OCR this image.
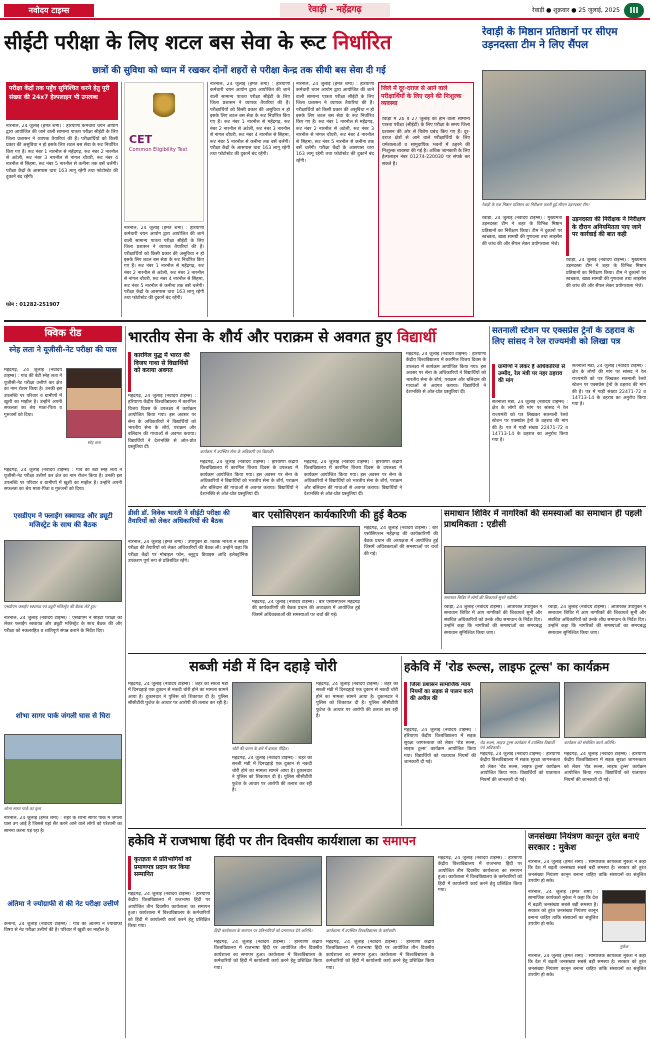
नवोदय टाइम्स	रेवाड़ी - महेंद्रगढ़	रेवाड़ी ● शुक्रवार ● 25 जुलाई, 2025	III
सीईटी परीक्षा के लिए शटल बस सेवा के रूट निर्धारित
छात्रों की सुविधा को ध्यान में रखकर दोनों शहरों से परीक्षा केन्द्र तक सीधी बस सेवा दी गई
परीक्षा केंद्रों तक पहुँच सुनिश्चित करने हेतु पूरी संख्या की 24x7 हेल्पलाइन भी उपलब्ध
नारनौल, 24 जुलाई (हेमंत शर्मा) : हरियाणा कर्मचारी चयन आयोग द्वारा आयोजित की जाने वाली सामान्य पात्रता परीक्षा सीईटी के लिए जिला प्रशासन ने व्यापक तैयारियां की हैं। परीक्षार्थियों को किसी प्रकार की असुविधा न हो इसके लिए शटल बस सेवा के रूट निर्धारित किए गए हैं। रूट नंबर 1 नारनौल से महेंद्रगढ़, रूट नंबर 2 नारनौल से अटेली, रूट नंबर 3 नारनौल से नांगल चौधरी, रूट नंबर 4 नारनौल से सिहमा, रूट नंबर 5 नारनौल से कनीना तक बसें चलेंगी। परीक्षा केंद्रों के आसपास धारा 163 लागू रहेगी तथा फोटोस्टेट की दुकानें बंद रहेंगी।
CET
Common Eligibility Test
नारनौल, 24 जुलाई (हेमंत शर्मा) : हरियाणा कर्मचारी चयन आयोग द्वारा आयोजित की जाने वाली सामान्य पात्रता परीक्षा सीईटी के लिए जिला प्रशासन ने व्यापक तैयारियां की हैं। परीक्षार्थियों को किसी प्रकार की असुविधा न हो इसके लिए शटल बस सेवा के रूट निर्धारित किए गए हैं। रूट नंबर 1 नारनौल से महेंद्रगढ़, रूट नंबर 2 नारनौल से अटेली, रूट नंबर 3 नारनौल से नांगल चौधरी, रूट नंबर 4 नारनौल से सिहमा, रूट नंबर 5 नारनौल से कनीना तक बसें चलेंगी। परीक्षा केंद्रों के आसपास धारा 163 लागू रहेगी तथा फोटोस्टेट की दुकानें बंद रहेंगी।
नारनौल, 24 जुलाई (हेमंत शर्मा) : हरियाणा कर्मचारी चयन आयोग द्वारा आयोजित की जाने वाली सामान्य पात्रता परीक्षा सीईटी के लिए जिला प्रशासन ने व्यापक तैयारियां की हैं। परीक्षार्थियों को किसी प्रकार की असुविधा न हो इसके लिए शटल बस सेवा के रूट निर्धारित किए गए हैं। रूट नंबर 1 नारनौल से महेंद्रगढ़, रूट नंबर 2 नारनौल से अटेली, रूट नंबर 3 नारनौल से नांगल चौधरी, रूट नंबर 4 नारनौल से सिहमा, रूट नंबर 5 नारनौल से कनीना तक बसें चलेंगी। परीक्षा केंद्रों के आसपास धारा 163 लागू रहेगी तथा फोटोस्टेट की दुकानें बंद रहेंगी।
नारनौल, 24 जुलाई (हेमंत शर्मा) : हरियाणा कर्मचारी चयन आयोग द्वारा आयोजित की जाने वाली सामान्य पात्रता परीक्षा सीईटी के लिए जिला प्रशासन ने व्यापक तैयारियां की हैं। परीक्षार्थियों को किसी प्रकार की असुविधा न हो इसके लिए शटल बस सेवा के रूट निर्धारित किए गए हैं। रूट नंबर 1 नारनौल से महेंद्रगढ़, रूट नंबर 2 नारनौल से अटेली, रूट नंबर 3 नारनौल से नांगल चौधरी, रूट नंबर 4 नारनौल से सिहमा, रूट नंबर 5 नारनौल से कनीना तक बसें चलेंगी। परीक्षा केंद्रों के आसपास धारा 163 लागू रहेगी तथा फोटोस्टेट की दुकानें बंद रहेंगी।
फोन : 01282-251907
जिले में दूर-दराज से आने वाले परीक्षार्थियों के लिए रहने की निःशुल्क व्यवस्था
रेवाड़ी में 26 व 27 जुलाई को होने वाली सामान्य पात्रता परीक्षा (सीईटी) के लिए परीक्षा के समय जिला प्रशासन की ओर से विशेष प्रबंध किए गए हैं। दूर-दराज क्षेत्रों से आने वाले परीक्षार्थियों के लिए धर्मशालाओं व सामुदायिक भवनों में ठहरने की निःशुल्क व्यवस्था की गई है। अधिक जानकारी के लिए हेल्पलाइन नंबर 01274-220030 पर संपर्क कर सकते हैं।
रेवाड़ी के मिष्ठान प्रतिष्ठानों पर सीएम उड़नदस्ता टीम ने लिए सैंपल
रेवाड़ी के एक मिष्ठान प्रतिष्ठान का निरीक्षण करती हुई सीएम उड़नदस्ता टीम।
रेवाड़ी, 24 जुलाई (नवोदय टाइम्स) : मुख्यमंत्री उड़नदस्ता टीम ने शहर के विभिन्न मिष्ठान प्रतिष्ठानों का निरीक्षण किया। टीम ने दुकानों पर स्वच्छता, खाद्य सामग्री की गुणवत्ता तथा लाइसेंस की जांच की और सैंपल लेकर प्रयोगशाला भेजे।
उड़नदस्ता की निरीक्षक ने निरीक्षण के दौरान अनियमितता पाए जाने पर कार्रवाई की बात कही
रेवाड़ी, 24 जुलाई (नवोदय टाइम्स) : मुख्यमंत्री उड़नदस्ता टीम ने शहर के विभिन्न मिष्ठान प्रतिष्ठानों का निरीक्षण किया। टीम ने दुकानों पर स्वच्छता, खाद्य सामग्री की गुणवत्ता तथा लाइसेंस की जांच की और सैंपल लेकर प्रयोगशाला भेजे।
क्विक रीड
स्नेह लता ने यूजीसी-नेट परीक्षा की पास
महेंद्रगढ़, 24 जुलाई (नवोदय टाइम्स) : गांव की बेटी स्नेह लता ने यूजीसी-नेट परीक्षा उत्तीर्ण कर क्षेत्र का नाम रोशन किया है। उनकी इस उपलब्धि पर परिवार व ग्रामीणों में खुशी का माहौल है। उन्होंने अपनी सफलता का श्रेय माता-पिता व गुरुजनों को दिया।
स्नेह लता
महेंद्रगढ़, 24 जुलाई (नवोदय टाइम्स) : गांव की बेटी स्नेह लता ने यूजीसी-नेट परीक्षा उत्तीर्ण कर क्षेत्र का नाम रोशन किया है। उनकी इस उपलब्धि पर परिवार व ग्रामीणों में खुशी का माहौल है। उन्होंने अपनी सफलता का श्रेय माता-पिता व गुरुजनों को दिया।
एसडीएम ने फ्लाईंग स्क्वायड और ड्यूटी मजिस्ट्रेट के साथ की बैठक
एसडीएम फ्लाईंग स्क्वायड एवं ड्यूटी मजिस्ट्रेट की बैठक लेते हुए।
नारनौल, 24 जुलाई (नवोदय टाइम्स) : एसडीएम ने सीईटी परीक्षा को लेकर फ्लाईंग स्क्वायड और ड्यूटी मजिस्ट्रेट के साथ बैठक की और परीक्षा को नकलरहित व शांतिपूर्ण संपन्न कराने के निर्देश दिए।
शोभा सागर पार्क जंगली घास से घिरा
शोभा सागर पार्क का दृश्य
नारनौल, 24 जुलाई (हेमंत शर्मा) : शहर के शोभा सागर पार्क में जंगली घास उग आई है जिससे यहां सैर करने आने वाले लोगों को परेशानी का सामना करना पड़ रहा है।
अंतिमा ने ज्योग्राफी से की नेट परीक्षा उत्तीर्ण
कनीना, 24 जुलाई (नवोदय टाइम्स) : गांव की अंतिमा ने ज्योग्राफी विषय से नेट परीक्षा उत्तीर्ण की है। परिवार में खुशी का माहौल है।
भारतीय सेना के शौर्य और पराक्रम से अवगत हुए विद्यार्थी
कारगिल युद्ध में भारत की विजय गाथा से विद्यार्थियों को कराया अवगत
महेंद्रगढ़, 24 जुलाई (नवोदय टाइम्स) : हरियाणा केंद्रीय विश्वविद्यालय में कारगिल विजय दिवस के उपलक्ष्य में कार्यक्रम आयोजित किया गया। इस अवसर पर सेना के अधिकारियों ने विद्यार्थियों को भारतीय सेना के शौर्य, पराक्रम और बलिदान की गाथाओं से अवगत कराया। विद्यार्थियों ने देशभक्ति से ओत-प्रोत प्रस्तुतियां दीं।
कार्यक्रम में उपस्थित सेना के अधिकारी एवं विद्यार्थी।
महेंद्रगढ़, 24 जुलाई (नवोदय टाइम्स) : हरियाणा केंद्रीय विश्वविद्यालय में कारगिल विजय दिवस के उपलक्ष्य में कार्यक्रम आयोजित किया गया। इस अवसर पर सेना के अधिकारियों ने विद्यार्थियों को भारतीय सेना के शौर्य, पराक्रम और बलिदान की गाथाओं से अवगत कराया। विद्यार्थियों ने देशभक्ति से ओत-प्रोत प्रस्तुतियां दीं।
महेंद्रगढ़, 24 जुलाई (नवोदय टाइम्स) : हरियाणा केंद्रीय विश्वविद्यालय में कारगिल विजय दिवस के उपलक्ष्य में कार्यक्रम आयोजित किया गया। इस अवसर पर सेना के अधिकारियों ने विद्यार्थियों को भारतीय सेना के शौर्य, पराक्रम और बलिदान की गाथाओं से अवगत कराया। विद्यार्थियों ने देशभक्ति से ओत-प्रोत प्रस्तुतियां दीं।
महेंद्रगढ़, 24 जुलाई (नवोदय टाइम्स) : हरियाणा केंद्रीय विश्वविद्यालय में कारगिल विजय दिवस के उपलक्ष्य में कार्यक्रम आयोजित किया गया। इस अवसर पर सेना के अधिकारियों ने विद्यार्थियों को भारतीय सेना के शौर्य, पराक्रम और बलिदान की गाथाओं से अवगत कराया। विद्यार्थियों ने देशभक्ति से ओत-प्रोत प्रस्तुतियां दीं।
सतनाली स्टेशन पर एक्सप्रेस ट्रेनों के ठहराव के लिए सांसद ने रेल राज्यमंत्री को लिखा पत्र
ग्रामीणों ने लेकर हैं अधिकारियों से उम्मीद, रेल मंत्री पर नहर ठहराव की मांग
सतनाली मंडी, 24 जुलाई (नवोदय टाइम्स) : क्षेत्र के लोगों की मांग पर सांसद ने रेल राज्यमंत्री को पत्र लिखकर सतनाली रेलवे स्टेशन पर एक्सप्रेस ट्रेनों के ठहराव की मांग की है। पत्र में गाड़ी संख्या 22471-72 व 14713-14 के ठहराव का अनुरोध किया गया है।
सतनाली मंडी, 24 जुलाई (नवोदय टाइम्स) : क्षेत्र के लोगों की मांग पर सांसद ने रेल राज्यमंत्री को पत्र लिखकर सतनाली रेलवे स्टेशन पर एक्सप्रेस ट्रेनों के ठहराव की मांग की है। पत्र में गाड़ी संख्या 22471-72 व 14713-14 के ठहराव का अनुरोध किया गया है।
डीसी डॉ. विवेक भारती ने सीईटी परीक्षा की तैयारियों को लेकर अधिकारियों की बैठक
नारनौल, 24 जुलाई (हेमंत शर्मा) : उपायुक्त डॉ. विवेक भारती ने सीईटी परीक्षा की तैयारियों को लेकर अधिकारियों की बैठक ली। उन्होंने कहा कि परीक्षा केंद्रों पर मोबाइल फोन, ब्लूटूथ डिवाइस आदि इलेक्ट्रॉनिक उपकरण पूर्ण रूप से प्रतिबंधित रहेंगे।
बार एसोसिएशन कार्यकारिणी की हुई बैठक
महेंद्रगढ़, 24 जुलाई (नवोदय टाइम्स) : बार एसोसिएशन महेंद्रगढ़ की कार्यकारिणी की बैठक प्रधान की अध्यक्षता में आयोजित हुई जिसमें अधिवक्ताओं की समस्याओं पर चर्चा की गई।
महेंद्रगढ़, 24 जुलाई (नवोदय टाइम्स) : बार एसोसिएशन महेंद्रगढ़ की कार्यकारिणी की बैठक प्रधान की अध्यक्षता में आयोजित हुई जिसमें अधिवक्ताओं की समस्याओं पर चर्चा की गई।
समाधान शिविर में नागरिकों की समस्याओं का समाधान ही पहली प्राथमिकता : एडीसी
समाधान शिविर में लोगों की शिकायतें सुनते एडीसी।
रेवाड़ी, 24 जुलाई (नवोदय टाइम्स) : अतिरिक्त उपायुक्त ने समाधान शिविर में आए नागरिकों की शिकायतें सुनीं और संबंधित अधिकारियों को उनके शीघ्र समाधान के निर्देश दिए। उन्होंने कहा कि नागरिकों की समस्याओं का समयबद्ध समाधान सुनिश्चित किया जाए।
रेवाड़ी, 24 जुलाई (नवोदय टाइम्स) : अतिरिक्त उपायुक्त ने समाधान शिविर में आए नागरिकों की शिकायतें सुनीं और संबंधित अधिकारियों को उनके शीघ्र समाधान के निर्देश दिए। उन्होंने कहा कि नागरिकों की समस्याओं का समयबद्ध समाधान सुनिश्चित किया जाए।
सब्जी मंडी में दिन दहाड़े चोरी
महेंद्रगढ़, 24 जुलाई (नवोदय टाइम्स) : शहर की सब्जी मंडी में दिनदहाड़े एक दुकान से नकदी चोरी होने का मामला सामने आया है। दुकानदार ने पुलिस को शिकायत दी है। पुलिस सीसीटीवी फुटेज के आधार पर आरोपी की तलाश कर रही है।
चोरी की घटना के बारे में बताता पीड़ित।
महेंद्रगढ़, 24 जुलाई (नवोदय टाइम्स) : शहर की सब्जी मंडी में दिनदहाड़े एक दुकान से नकदी चोरी होने का मामला सामने आया है। दुकानदार ने पुलिस को शिकायत दी है। पुलिस सीसीटीवी फुटेज के आधार पर आरोपी की तलाश कर रही है।
महेंद्रगढ़, 24 जुलाई (नवोदय टाइम्स) : शहर की सब्जी मंडी में दिनदहाड़े एक दुकान से नकदी चोरी होने का मामला सामने आया है। दुकानदार ने पुलिस को शिकायत दी है। पुलिस सीसीटीवी फुटेज के आधार पर आरोपी की तलाश कर रही है।
हकेवि में 'रोड रूल्स, लाइफ टूल्स' का कार्यक्रम
जिला प्रशासन सामाजिक न्याय नियमों का सड़क से पालन करने की अपील की
महेंद्रगढ़, 24 जुलाई (नवोदय टाइम्स) : हरियाणा केंद्रीय विश्वविद्यालय में सड़क सुरक्षा जागरूकता को लेकर 'रोड रूल्स, लाइफ टूल्स' कार्यक्रम आयोजित किया गया। विद्यार्थियों को यातायात नियमों की जानकारी दी गई।
रोड रूल्स, लाइफ टूल्स कार्यक्रम में उपस्थित विद्यार्थी एवं अधिकारी।
कार्यक्रम को संबोधित करते अतिथि।
महेंद्रगढ़, 24 जुलाई (नवोदय टाइम्स) : हरियाणा केंद्रीय विश्वविद्यालय में सड़क सुरक्षा जागरूकता को लेकर 'रोड रूल्स, लाइफ टूल्स' कार्यक्रम आयोजित किया गया। विद्यार्थियों को यातायात नियमों की जानकारी दी गई।
महेंद्रगढ़, 24 जुलाई (नवोदय टाइम्स) : हरियाणा केंद्रीय विश्वविद्यालय में सड़क सुरक्षा जागरूकता को लेकर 'रोड रूल्स, लाइफ टूल्स' कार्यक्रम आयोजित किया गया। विद्यार्थियों को यातायात नियमों की जानकारी दी गई।
हकेवि में राजभाषा हिंदी पर तीन दिवसीय कार्यशाला का समापन
कृतज्ञता से प्रतिभागियों को प्रमाणपत्र प्रदान कर किया सम्मानित
महेंद्रगढ़, 24 जुलाई (नवोदय टाइम्स) : हरियाणा केंद्रीय विश्वविद्यालय में राजभाषा हिंदी पर आयोजित तीन दिवसीय कार्यशाला का समापन हुआ। कार्यशाला में विश्वविद्यालय के कर्मचारियों को हिंदी में कार्यालयी कार्य करने हेतु प्रशिक्षित किया गया।
हिंदी कार्यशाला के समापन पर प्रतिभागियों को प्रमाणपत्र देते अतिथि।	कार्यशाला में उपस्थित विश्वविद्यालय के कर्मचारी।
महेंद्रगढ़, 24 जुलाई (नवोदय टाइम्स) : हरियाणा केंद्रीय विश्वविद्यालय में राजभाषा हिंदी पर आयोजित तीन दिवसीय कार्यशाला का समापन हुआ। कार्यशाला में विश्वविद्यालय के कर्मचारियों को हिंदी में कार्यालयी कार्य करने हेतु प्रशिक्षित किया गया।
महेंद्रगढ़, 24 जुलाई (नवोदय टाइम्स) : हरियाणा केंद्रीय विश्वविद्यालय में राजभाषा हिंदी पर आयोजित तीन दिवसीय कार्यशाला का समापन हुआ। कार्यशाला में विश्वविद्यालय के कर्मचारियों को हिंदी में कार्यालयी कार्य करने हेतु प्रशिक्षित किया गया।
महेंद्रगढ़, 24 जुलाई (नवोदय टाइम्स) : हरियाणा केंद्रीय विश्वविद्यालय में राजभाषा हिंदी पर आयोजित तीन दिवसीय कार्यशाला का समापन हुआ। कार्यशाला में विश्वविद्यालय के कर्मचारियों को हिंदी में कार्यालयी कार्य करने हेतु प्रशिक्षित किया गया।
जनसंख्या नियंत्रण कानून तुरंत बनाएं सरकार : मुकेश
नारनौल, 24 जुलाई (हेमंत शर्मा) : सामाजिक कार्यकर्ता मुकेश ने कहा कि देश में बढ़ती जनसंख्या सबसे बड़ी समस्या है। सरकार को तुरंत जनसंख्या नियंत्रण कानून बनाना चाहिए ताकि संसाधनों का संतुलित उपयोग हो सके।
नारनौल, 24 जुलाई (हेमंत शर्मा) : सामाजिक कार्यकर्ता मुकेश ने कहा कि देश में बढ़ती जनसंख्या सबसे बड़ी समस्या है। सरकार को तुरंत जनसंख्या नियंत्रण कानून बनाना चाहिए ताकि संसाधनों का संतुलित उपयोग हो सके।
मुकेश
नारनौल, 24 जुलाई (हेमंत शर्मा) : सामाजिक कार्यकर्ता मुकेश ने कहा कि देश में बढ़ती जनसंख्या सबसे बड़ी समस्या है। सरकार को तुरंत जनसंख्या नियंत्रण कानून बनाना चाहिए ताकि संसाधनों का संतुलित उपयोग हो सके।
